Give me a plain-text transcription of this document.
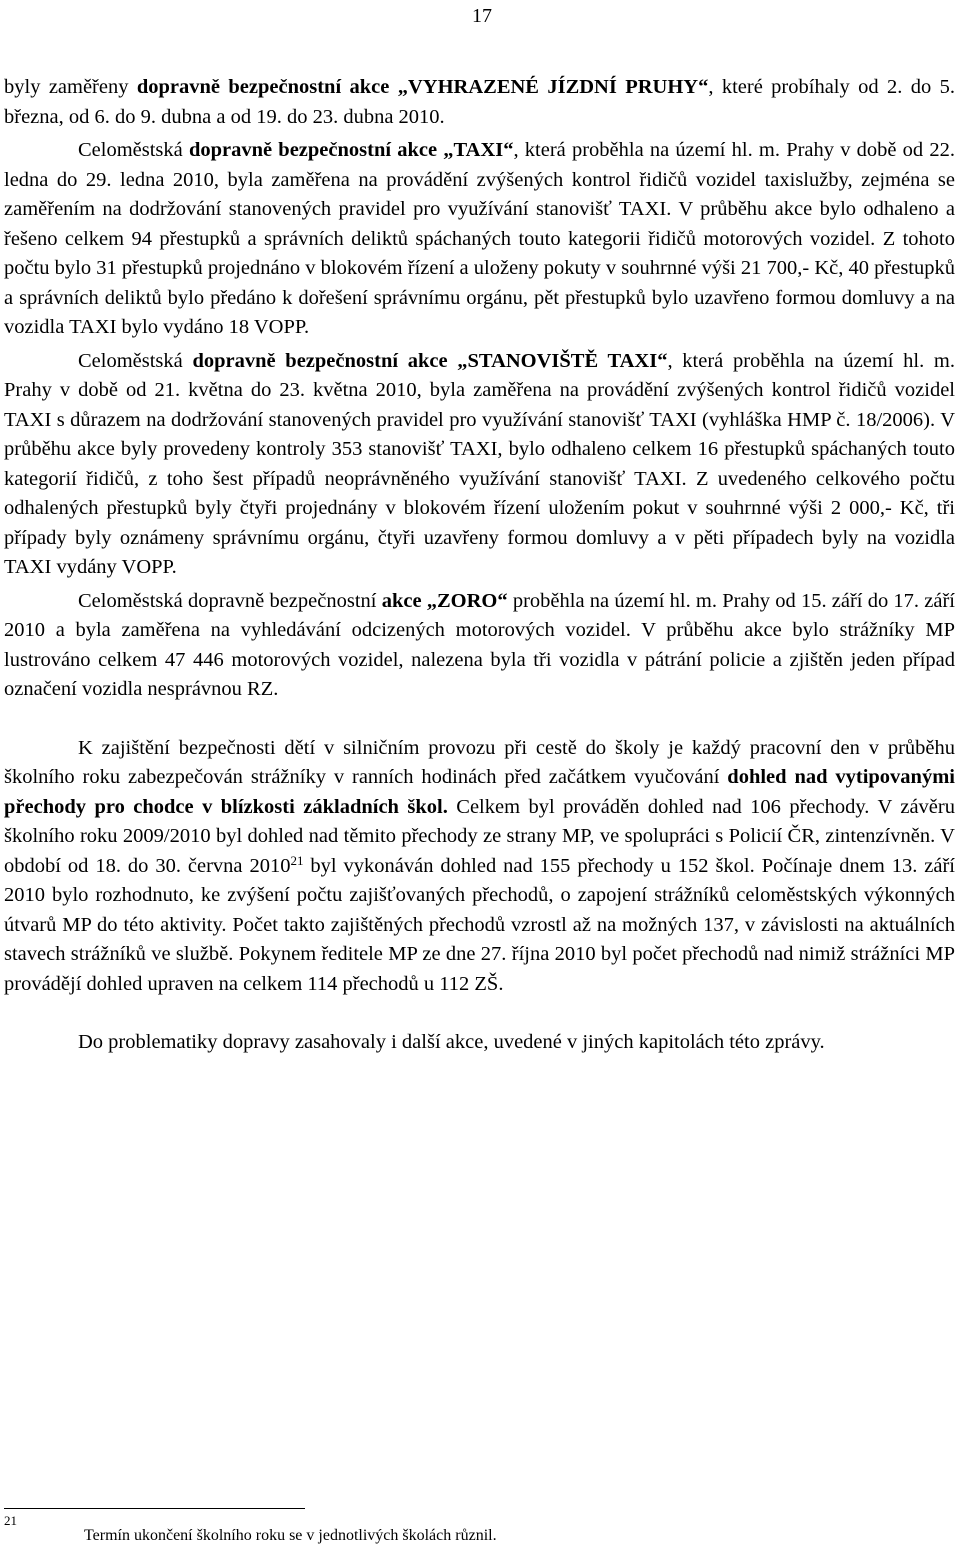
17

byly zaměřeny dopravně bezpečnostní akce „VYHRAZENÉ JÍZDNÍ PRUHY“, které probíhaly od 2. do 5. března, od 6. do 9. dubna a od 19. do 23. dubna 2010.

Celoměstská dopravně bezpečnostní akce „TAXI“, která proběhla na území hl. m. Prahy v době od 22. ledna do 29. ledna 2010, byla zaměřena na provádění zvýšených kontrol řidičů vozidel taxislužby, zejména se zaměřením na dodržování stanovených pravidel pro využívání stanovišť TAXI. V průběhu akce bylo odhaleno a řešeno celkem 94 přestupků a správních deliktů spáchaných touto kategorii řidičů motorových vozidel. Z tohoto počtu bylo 31 přestupků projednáno v blokovém řízení a uloženy pokuty v souhrnné výši 21 700,- Kč, 40 přestupků a správních deliktů bylo předáno k dořešení správnímu orgánu, pět přestupků bylo uzavřeno formou domluvy a na vozidla TAXI bylo vydáno 18 VOPP.

Celoměstská dopravně bezpečnostní akce „STANOVIŠTĚ TAXI“, která proběhla na území hl. m. Prahy v době od 21. května do 23. května 2010, byla zaměřena na provádění zvýšených kontrol řidičů vozidel TAXI s důrazem na dodržování stanovených pravidel pro využívání stanovišť TAXI (vyhláška HMP č. 18/2006). V průběhu akce byly provedeny kontroly 353 stanovišť TAXI, bylo odhaleno celkem 16 přestupků spáchaných touto kategorií řidičů, z toho šest případů neoprávněného využívání stanovišť TAXI. Z uvedeného celkového počtu odhalených přestupků byly čtyři projednány v blokovém řízení uložením pokut v souhrnné výši 2 000,- Kč, tři případy byly oznámeny správnímu orgánu, čtyři uzavřeny formou domluvy a v pěti případech byly na vozidla TAXI vydány VOPP.

Celoměstská dopravně bezpečnostní akce „ZORO“ proběhla na území hl. m. Prahy od 15. září do 17. září 2010 a byla zaměřena na vyhledávání odcizených motorových vozidel. V průběhu akce bylo strážníky MP lustrováno celkem 47 446 motorových vozidel, nalezena byla tři vozidla v pátrání policie a zjištěn jeden případ označení vozidla nesprávnou RZ.

K zajištění bezpečnosti dětí v silničním provozu při cestě do školy je každý pracovní den v průběhu školního roku zabezpečován strážníky v ranních hodinách před začátkem vyučování dohled nad vytipovanými přechody pro chodce v blízkosti základních škol. Celkem byl prováděn dohled nad 106 přechody. V závěru školního roku 2009/2010 byl dohled nad těmito přechody ze strany MP, ve spolupráci s Policií ČR, zintenzívněn. V období od 18. do 30. června 2010$^{21}$ byl vykonáván dohled nad 155 přechody u 152 škol. Počínaje dnem 13. září 2010 bylo rozhodnuto, ke zvýšení počtu zajišťovaných přechodů, o zapojení strážníků celoměstských výkonných útvarů MP do této aktivity. Počet takto zajištěných přechodů vzrostl až na možných 137, v závislosti na aktuálních stavech strážníků ve službě. Pokynem ředitele MP ze dne 27. října 2010 byl počet přechodů nad nimiž strážníci MP provádějí dohled upraven na celkem 114 přechodů u 112 ZŠ.

Do problematiky dopravy zasahovaly i další akce, uvedené v jiných kapitolách této zprávy.

21
Termín ukončení školního roku se v jednotlivých školách různil.
